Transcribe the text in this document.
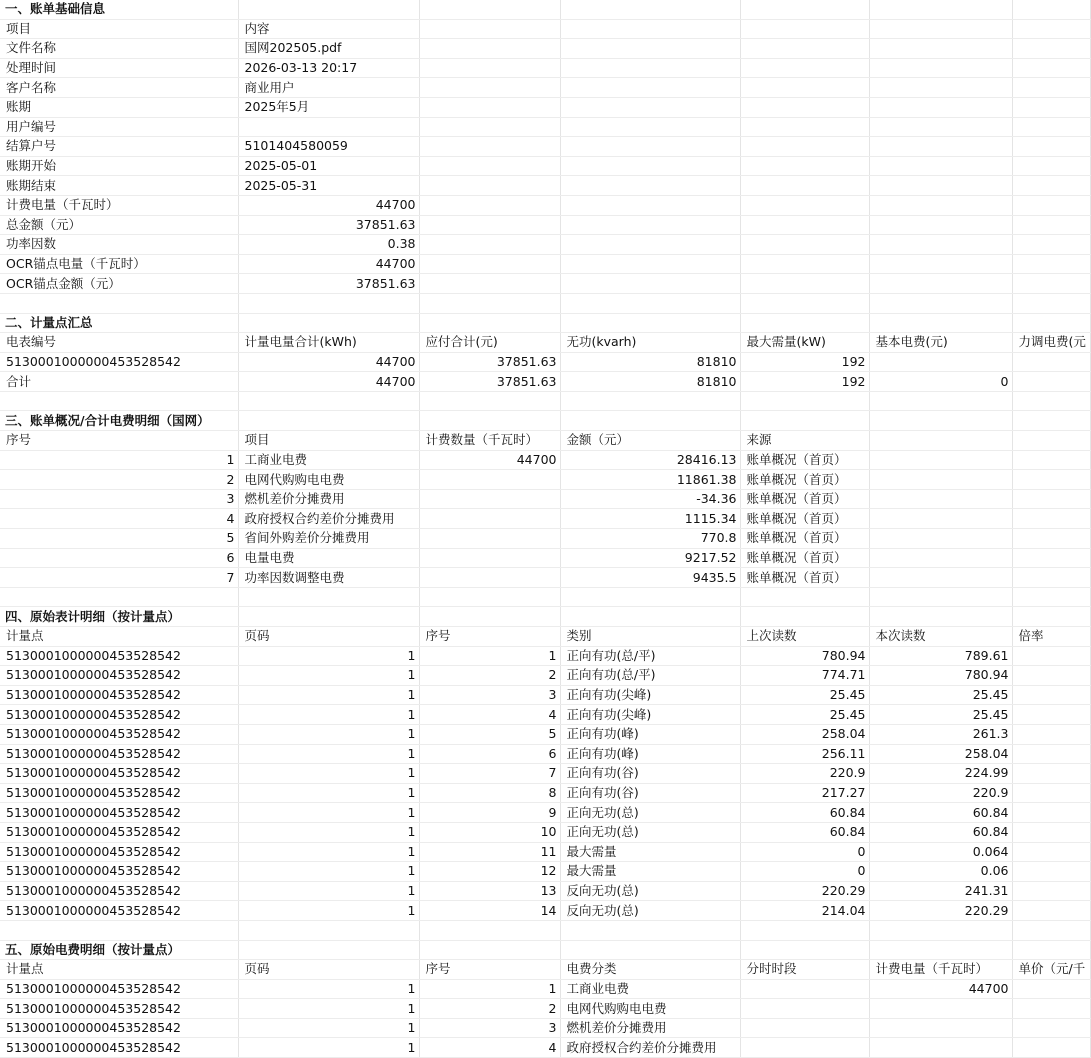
一、账单基础信息						
项目	内容					
文件名称	国网202505.pdf					
处理时间	2026-03-13 20:17					
客户名称	商业用户					
账期	2025年5月					
用户编号						
结算户号	5101404580059					
账期开始	2025-05-01					
账期结束	2025-05-31					
计费电量（千瓦时）	44700					
总金额（元）	37851.63					
功率因数	0.38					
OCR锚点电量（千瓦时）	44700					
OCR锚点金额（元）	37851.63					

二、计量点汇总						
电表编号	计量电量合计(kWh)	应付合计(元)	无功(kvarh)	最大需量(kW)	基本电费(元)	力调电费(元
5130001000000453528542	44700	37851.63	81810	192		
合计	44700	37851.63	81810	192	0	

三、账单概况/合计电费明细（国网）						
序号	项目	计费数量（千瓦时）	金额（元）	来源		
1	工商业电费	44700	28416.13	账单概况（首页）		
2	电网代购购电电费		11861.38	账单概况（首页）		
3	燃机差价分摊费用		-34.36	账单概况（首页）		
4	政府授权合约差价分摊费用		1115.34	账单概况（首页）		
5	省间外购差价分摊费用		770.8	账单概况（首页）		
6	电量电费		9217.52	账单概况（首页）		
7	功率因数调整电费		9435.5	账单概况（首页）		

四、原始表计明细（按计量点）						
计量点	页码	序号	类别	上次读数	本次读数	倍率
5130001000000453528542	1	1	正向有功(总/平)	780.94	789.61	
5130001000000453528542	1	2	正向有功(总/平)	774.71	780.94	
5130001000000453528542	1	3	正向有功(尖峰)	25.45	25.45	
5130001000000453528542	1	4	正向有功(尖峰)	25.45	25.45	
5130001000000453528542	1	5	正向有功(峰)	258.04	261.3	
5130001000000453528542	1	6	正向有功(峰)	256.11	258.04	
5130001000000453528542	1	7	正向有功(谷)	220.9	224.99	
5130001000000453528542	1	8	正向有功(谷)	217.27	220.9	
5130001000000453528542	1	9	正向无功(总)	60.84	60.84	
5130001000000453528542	1	10	正向无功(总)	60.84	60.84	
5130001000000453528542	1	11	最大需量	0	0.064	
5130001000000453528542	1	12	最大需量	0	0.06	
5130001000000453528542	1	13	反向无功(总)	220.29	241.31	
5130001000000453528542	1	14	反向无功(总)	214.04	220.29	

五、原始电费明细（按计量点）						
计量点	页码	序号	电费分类	分时时段	计费电量（千瓦时）	单价（元/千
5130001000000453528542	1	1	工商业电费		44700	
5130001000000453528542	1	2	电网代购购电电费			
5130001000000453528542	1	3	燃机差价分摊费用			
5130001000000453528542	1	4	政府授权合约差价分摊费用			
